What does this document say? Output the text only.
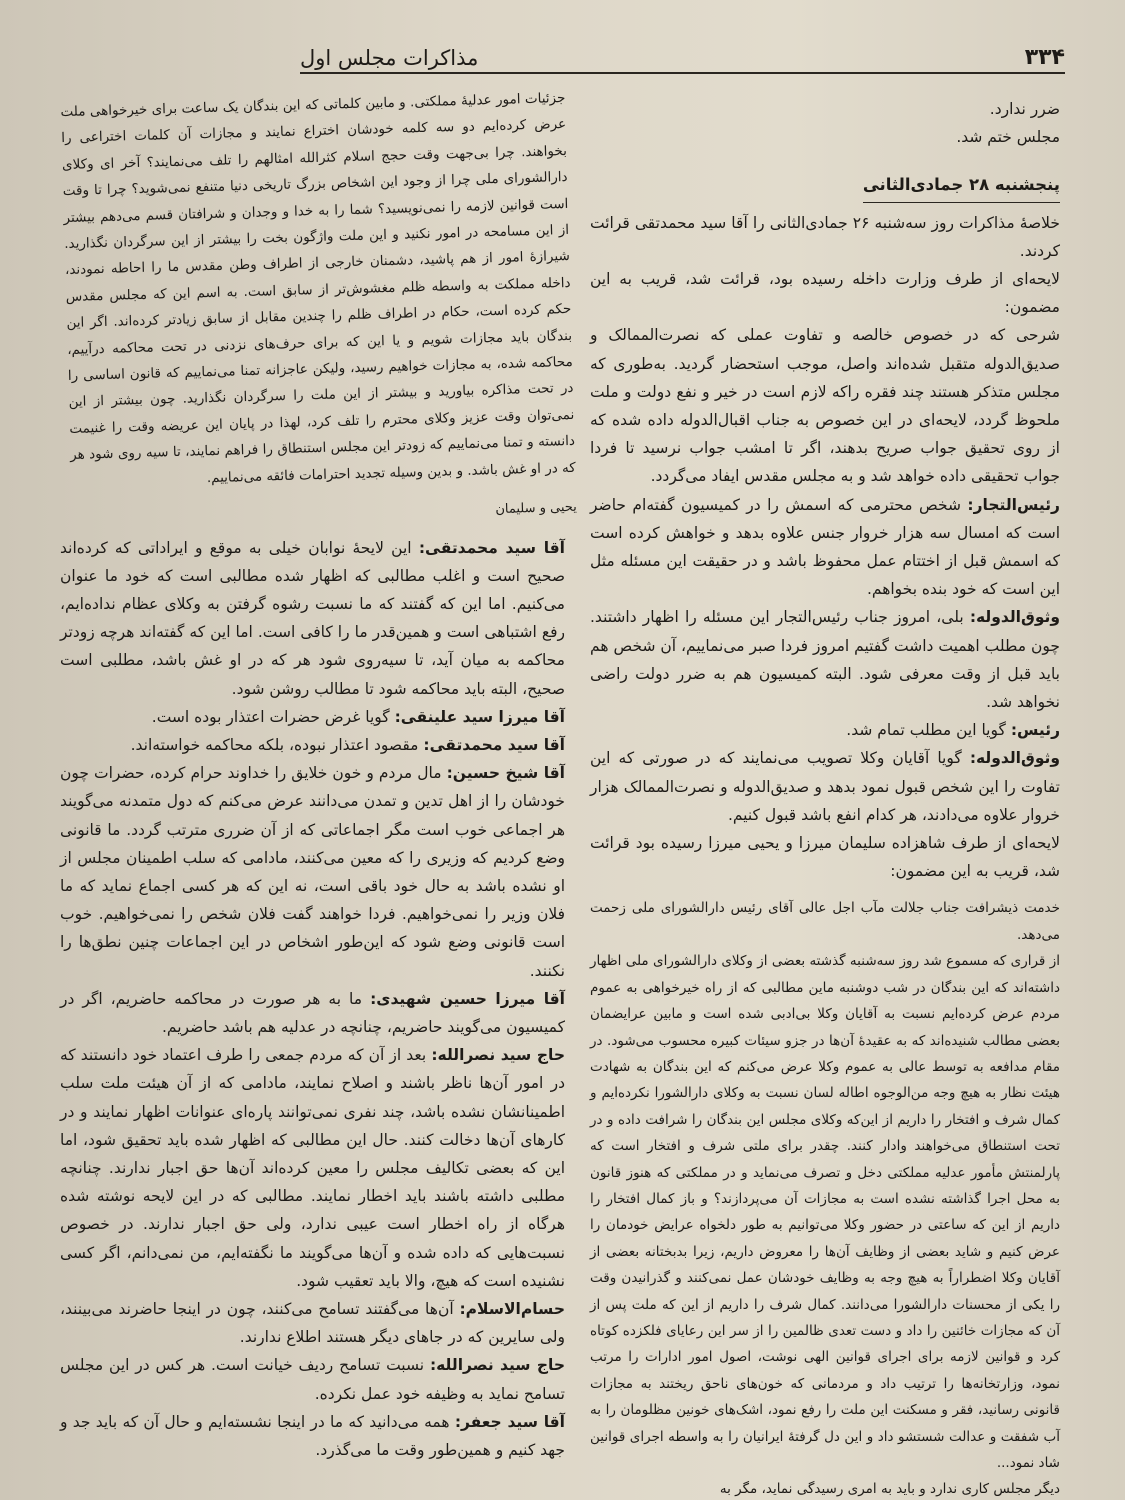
۳۳۴
مذاکرات مجلس اول

ضرر ندارد.

مجلس ختم شد.

پنجشنبه ۲۸ جمادی‌الثانی

خلاصهٔ مذاکرات روز سه‌شنبه ۲۶ جمادی‌الثانی را آقا سید محمدتقی قرائت کردند.

لایحه‌ای از طرف وزارت داخله رسیده بود، قرائت شد، قریب به این مضمون:

شرحی که در خصوص خالصه و تفاوت عملی که نصرت‌الممالک و صدیق‌الدوله متقبل شده‌اند واصل، موجب استحضار گردید. به‌طوری که مجلس متذکر هستند چند فقره راکه لازم است در خیر و نفع دولت و ملت ملحوظ گردد، لایحه‌ای در این خصوص به جناب اقبال‌الدوله داده شده که از روی تحقیق جواب صریح بدهند، اگر تا امشب جواب نرسید تا فردا جواب تحقیقی داده خواهد شد و به مجلس مقدس ایفاد می‌گردد.

رئیس‌التجار: شخص محترمی که اسمش را در کمیسیون گفته‌ام حاضر است که امسال سه هزار خروار جنس علاوه بدهد و خواهش کرده است که اسمش قبل از اختتام عمل محفوظ باشد و در حقیقت این مسئله مثل این است که خود بنده بخواهم.

وثوق‌الدوله: بلی، امروز جناب رئیس‌التجار این مسئله را اظهار داشتند. چون مطلب اهمیت داشت گفتیم امروز فردا صبر می‌نماییم، آن شخص هم باید قبل از وقت معرفی شود. البته کمیسیون هم به ضرر دولت راضی نخواهد شد.

رئیس: گویا این مطلب تمام شد.

وثوق‌الدوله: گویا آقایان وکلا تصویب می‌نمایند که در صورتی که این تفاوت را این شخص قبول نمود بدهد و صدیق‌الدوله و نصرت‌الممالک هزار خروار علاوه می‌دادند، هر کدام انفع باشد قبول کنیم.

لایحه‌ای از طرف شاهزاده سلیمان میرزا و یحیی میرزا رسیده بود قرائت شد، قریب به این مضمون:

خدمت ذیشرافت جناب جلالت مآب اجل عالی آقای رئیس دارالشورای ملی زحمت می‌دهد.

از قراری که مسموع شد روز سه‌شنبه گذشته بعضی از وکلای دارالشورای ملی اظهار داشته‌اند که این بندگان در شب دوشنبه ماین مطالبی که از راه خیرخواهی به عموم مردم عرض کرده‌ایم نسبت به آقایان وکلا بی‌ادبی شده است و مابین عرایضمان بعضی مطالب شنیده‌اند که به عقیدهٔ آن‌ها در جزو سیئات کبیره محسوب می‌شود. در مقام مدافعه به توسط عالی به عموم وکلا عرض می‌کنم که این بندگان به شهادت هیئت نظار به هیچ وجه من‌الوجوه اطاله لسان نسبت به وکلای دارالشورا نکرده‌ایم و کمال شرف و افتخار را داریم از این‌که وکلای مجلس این بندگان را شرافت داده و در تحت استنطاق می‌خواهند وادار کنند. چقدر برای ملتی شرف و افتخار است که پارلمنتش مأمور عدلیه مملکتی دخل و تصرف می‌نماید و در مملکتی که هنوز قانون به محل اجرا گذاشته نشده است به مجازات آن می‌پردازند؟ و باز کمال افتخار را داریم از این که ساعتی در حضور وکلا می‌توانیم به طور دلخواه عرایض خودمان را عرض کنیم و شاید بعضی از وظایف آن‌ها را معروض داریم، زیرا بدبختانه بعضی از آقایان وکلا اضطراراً به هیچ وجه به وظایف خودشان عمل نمی‌کنند و گذرانیدن وقت را یکی از محسنات دارالشورا می‌دانند. کمال شرف را داریم از این که ملت پس از آن که مجازات خائنین را داد و دست تعدی ظالمین را از سر این رعایای فلکزده کوتاه کرد و قوانین لازمه برای اجرای قوانین الهی نوشت، اصول امور ادارات را مرتب نمود، وزارتخانه‌ها را ترتیب داد و مردمانی که خون‌های ناحق ریختند به مجازات قانونی رسانید، فقر و مسکنت این ملت را رفع نمود، اشک‌های خونین مظلومان را به آب شفقت و عدالت شستشو داد و این دل گرفتهٔ ایرانیان را به واسطه اجرای قوانین شاد نمود...

دیگر مجلس کاری ندارد و باید به امری رسیدگی نماید، مگر به

جزئیات امور عدلیهٔ مملکتی. و مابین کلماتی که این بندگان یک ساعت برای خیرخواهی ملت عرض کرده‌ایم دو سه کلمه خودشان اختراع نمایند و مجازات آن کلمات اختراعی را بخواهند. چرا بی‌جهت وقت حجج اسلام کثرالله امثالهم را تلف می‌نمایند؟ آخر ای وکلای دارالشورای ملی چرا از وجود این اشخاص بزرگ تاریخی دنیا متنفع نمی‌شوید؟ چرا تا وقت است قوانین لازمه را نمی‌نویسید؟ شما را به خدا و وجدان و شرافتان قسم می‌دهم بیشتر از این مسامحه در امور نکنید و این ملت واژگون بخت را بیشتر از این سرگردان نگذارید. شیرازهٔ امور از هم پاشید، دشمنان خارجی از اطراف وطن مقدس ما را احاطه نمودند، داخله مملکت به واسطه ظلم مغشوش‌تر از سابق است. به اسم این که مجلس مقدس حکم کرده است، حکام در اطراف ظلم را چندین مقابل از سابق زیادتر کرده‌اند. اگر این بندگان باید مجازات شویم و یا این که برای حرف‌های نزدنی در تحت محاکمه درآییم، محاکمه شده، به مجازات خواهیم رسید، ولیکن عاجزانه تمنا می‌نماییم که قانون اساسی را در تحت مذاکره بیاورید و بیشتر از این ملت را سرگردان نگذارید. چون بیشتر از این نمی‌توان وقت عزیز وکلای محترم را تلف کرد، لهذا در پایان این عریضه وقت را غنیمت دانسته و تمنا می‌نماییم که زودتر این مجلس استنطاق را فراهم نمایند، تا سیه روی شود هر که در او غش باشد. و بدین وسیله تجدید احترامات فائقه می‌نماییم.

یحیی و سلیمان

آقا سید محمدتقی: این لایحهٔ نوابان خیلی به موقع و ایراداتی که کرده‌اند صحیح است و اغلب مطالبی که اظهار شده مطالبی است که خود ما عنوان می‌کنیم. اما این که گفتند که ما نسبت رشوه گرفتن به وکلای عظام نداده‌ایم، رفع اشتباهی است و همین‌قدر ما را کافی است. اما این که گفته‌اند هرچه زودتر محاکمه به میان آید، تا سیه‌روی شود هر که در او غش باشد، مطلبی است صحیح، البته باید محاکمه شود تا مطالب روشن شود.

آقا میرزا سید علینقی: گویا غرض حضرات اعتذار بوده است.

آقا سید محمدتقی: مقصود اعتذار نبوده، بلکه محاکمه خواسته‌اند.

آقا شیخ حسین: مال مردم و خون خلایق را خداوند حرام کرده، حضرات چون خودشان را از اهل تدین و تمدن می‌دانند عرض می‌کنم که دول متمدنه می‌گویند هر اجماعی خوب است مگر اجماعاتی که از آن ضرری مترتب گردد. ما قانونی وضع کردیم که وزیری را که معین می‌کنند، مادامی که سلب اطمینان مجلس از او نشده باشد به حال خود باقی است، نه این که هر کسی اجماع نماید که ما فلان وزیر را نمی‌خواهیم. فردا خواهند گفت فلان شخص را نمی‌خواهیم. خوب است قانونی وضع شود که این‌طور اشخاص در این اجماعات چنین نطق‌ها را نکنند.

آقا میرزا حسین شهیدی: ما به هر صورت در محاکمه حاضریم، اگر در کمیسیون می‌گویند حاضریم، چنانچه در عدلیه هم باشد حاضریم.

حاج سید نصرالله: بعد از آن که مردم جمعی را طرف اعتماد خود دانستند که در امور آن‌ها ناظر باشند و اصلاح نمایند، مادامی که از آن هیئت ملت سلب اطمینانشان نشده باشد، چند نفری نمی‌توانند پاره‌ای عنوانات اظهار نمایند و در کارهای آن‌ها دخالت کنند. حال این مطالبی که اظهار شده باید تحقیق شود، اما این که بعضی تکالیف مجلس را معین کرده‌اند آن‌ها حق اجبار ندارند. چنانچه مطلبی داشته باشند باید اخطار نمایند. مطالبی که در این لایحه نوشته شده هرگاه از راه اخطار است عیبی ندارد، ولی حق اجبار ندارند. در خصوص نسبت‌هایی که داده شده و آن‌ها می‌گویند ما نگفته‌ایم، من نمی‌دانم، اگر کسی نشنیده است که هیچ، والا باید تعقیب شود.

حسام‌الاسلام: آن‌ها می‌گفتند تسامح می‌کنند، چون در اینجا حاضرند می‌بینند، ولی سایرین که در جاهای دیگر هستند اطلاع ندارند.

حاج سید نصرالله: نسبت تسامح ردیف خیانت است. هر کس در این مجلس تسامح نماید به وظیفه خود عمل نکرده.

آقا سید جعفر: همه می‌دانید که ما در اینجا نشسته‌ایم و حال آن که باید جد و جهد کنیم و همین‌طور وقت ما می‌گذرد.
